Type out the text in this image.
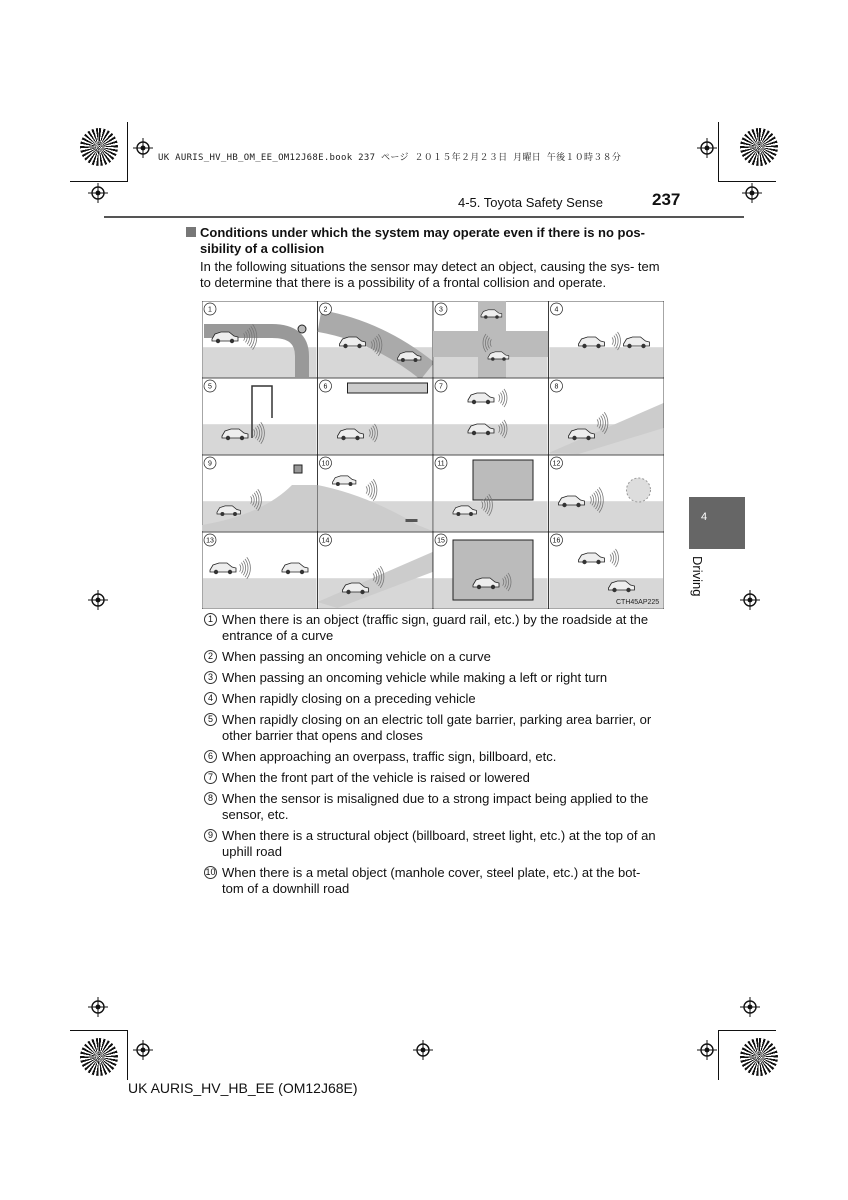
UK AURIS_HV_HB_OM_EE_OM12J68E.book 237 ページ ２０１５年２月２３日 月曜日 午後１０時３８分
4-5. Toyota Safety Sense	237
Conditions under which the system may operate even if there is no pos-
sibility of a collision
In the following situations the sensor may detect an object, causing the sys- tem to determine that there is a possibility of a frontal collision and operate.
1	2	3	4
5	6	7	8
9	10	11	12
13	14	15	16
CTH45AP225
1 When there is an object (traffic sign, guard rail, etc.) by the roadside at the entrance of a curve
2 When passing an oncoming vehicle on a curve
3 When passing an oncoming vehicle while making a left or right turn
4 When rapidly closing on a preceding vehicle
5 When rapidly closing on an electric toll gate barrier, parking area barrier, or other barrier that opens and closes
6 When approaching an overpass, traffic sign, billboard, etc.
7 When the front part of the vehicle is raised or lowered
8 When the sensor is misaligned due to a strong impact being applied to the sensor, etc.
9 When there is a structural object (billboard, street light, etc.) at the top of an uphill road
10 When there is a metal object (manhole cover, steel plate, etc.) at the bot- tom of a downhill road
4
Driving
UK AURIS_HV_HB_EE (OM12J68E)
